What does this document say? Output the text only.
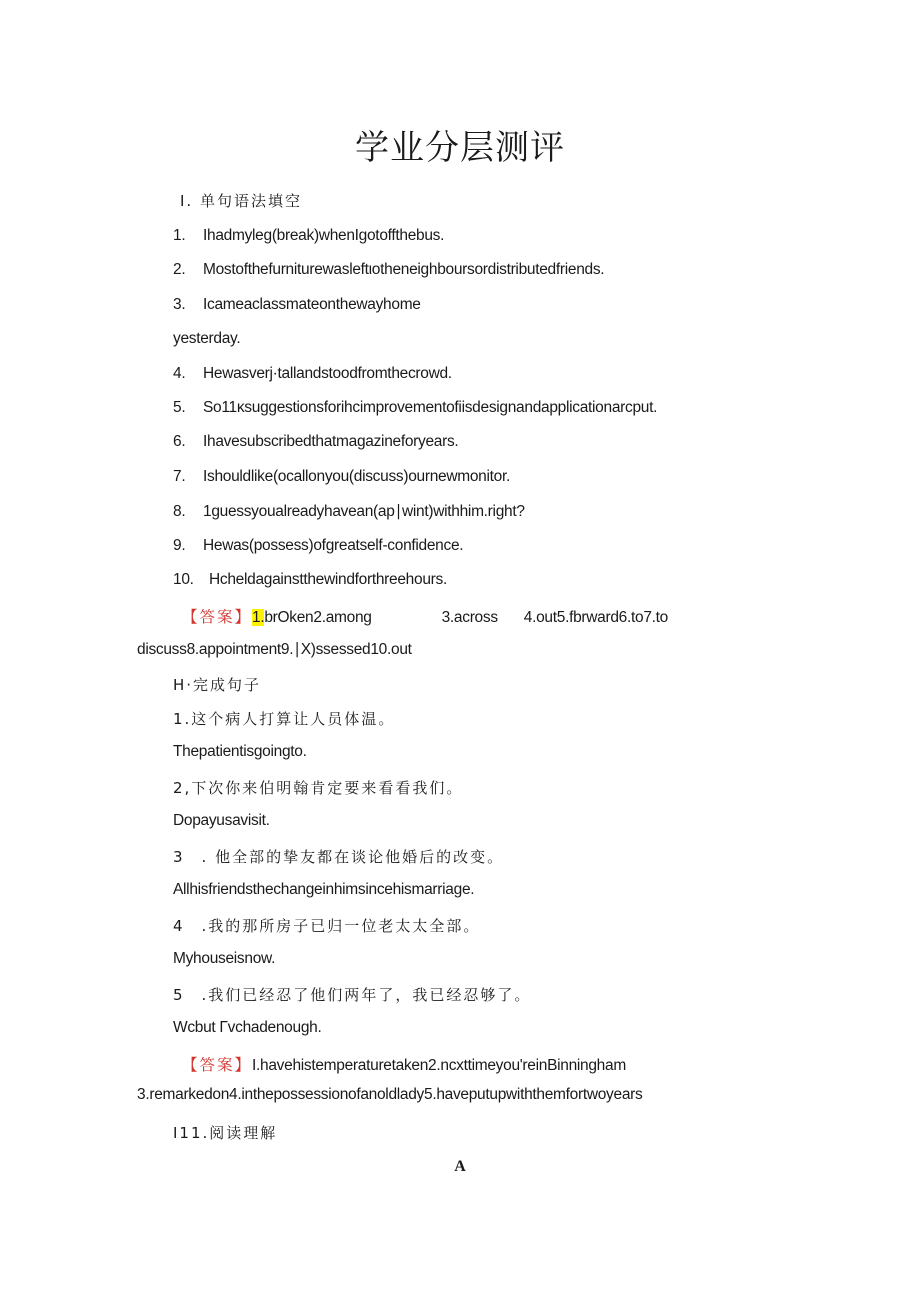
学业分层测评
I. 单句语法填空
1. Ihadmyleg(break)whenIgotoffthebus.
2. Mostofthefurniturewasleftιotheneighboursordistributedfriends.
3. Icameaclassmateonthewayhome
yesterday.
4. Hewasverj·tallandstoodfromthecrowd.
5. So11κsuggestionsforihcimprovementofiisdesignandapplicationarcput.
6. Ihavesubscribedthatmagazineforyears.
7. Ishouldlike(ocallonyou(discuss)ournewmonitor.
8. 1guessyoualreadyhavean(ap∣wint)withhim.right?
9. Hewas(possess)ofgreatself-confidence.
10. Hcheldagainstthewindforthreehours.
【答案】1.brOken2.among	3.across 4.out5.fbrward6.to7.to
discuss8.appointment9.∣X)ssessed10.out
H·完成句子
1.这个病人打算让人员体温。
Thepatientisgoingto.
2,下次你来伯明翰肯定要来看看我们。
Dopayusavisit.
3　. 他全部的挚友都在谈论他婚后的改变。
Allhisfriendsthechangeinhimsincehismarriage.
4　.我的那所房子已归一位老太太全部。
Myhouseisnow.
5　.我们已经忍了他们两年了，我已经忍够了。
Wcbut Γvchadenough.
【答案】I.havehistemperaturetaken2.ncxttimeyou'reinBinningham
3.remarkedon4.inthepossessionofanoldlady5.haveputupwiththemfortwoyears
I11.阅读理解
A
